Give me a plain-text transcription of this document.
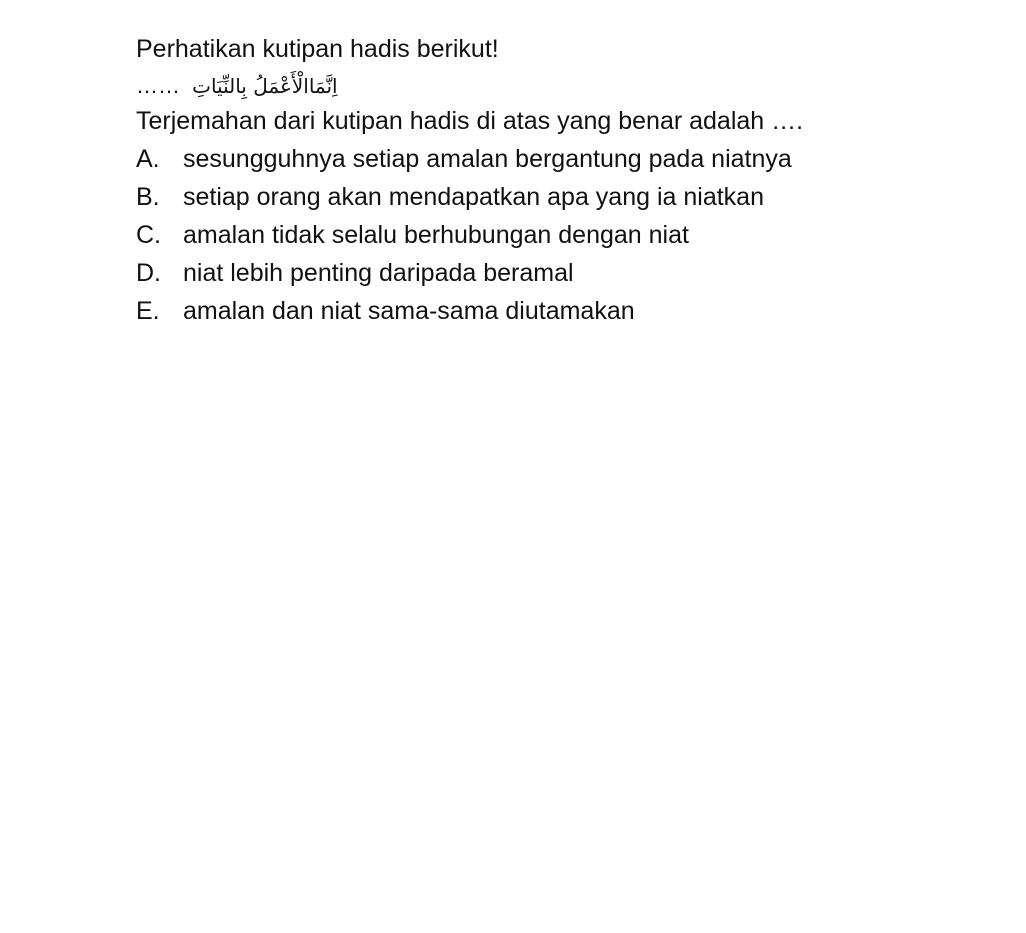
Perhatikan kutipan hadis berikut!
…… اِنَّمَاالْأَعْمَلُ بِالنِّيَاتِ
Terjemahan dari kutipan hadis di atas yang benar adalah ….
A. sesungguhnya setiap amalan bergantung pada niatnya
B. setiap orang akan mendapatkan apa yang ia niatkan
C. amalan tidak selalu berhubungan dengan niat
D. niat lebih penting daripada beramal
E. amalan dan niat sama-sama diutamakan
